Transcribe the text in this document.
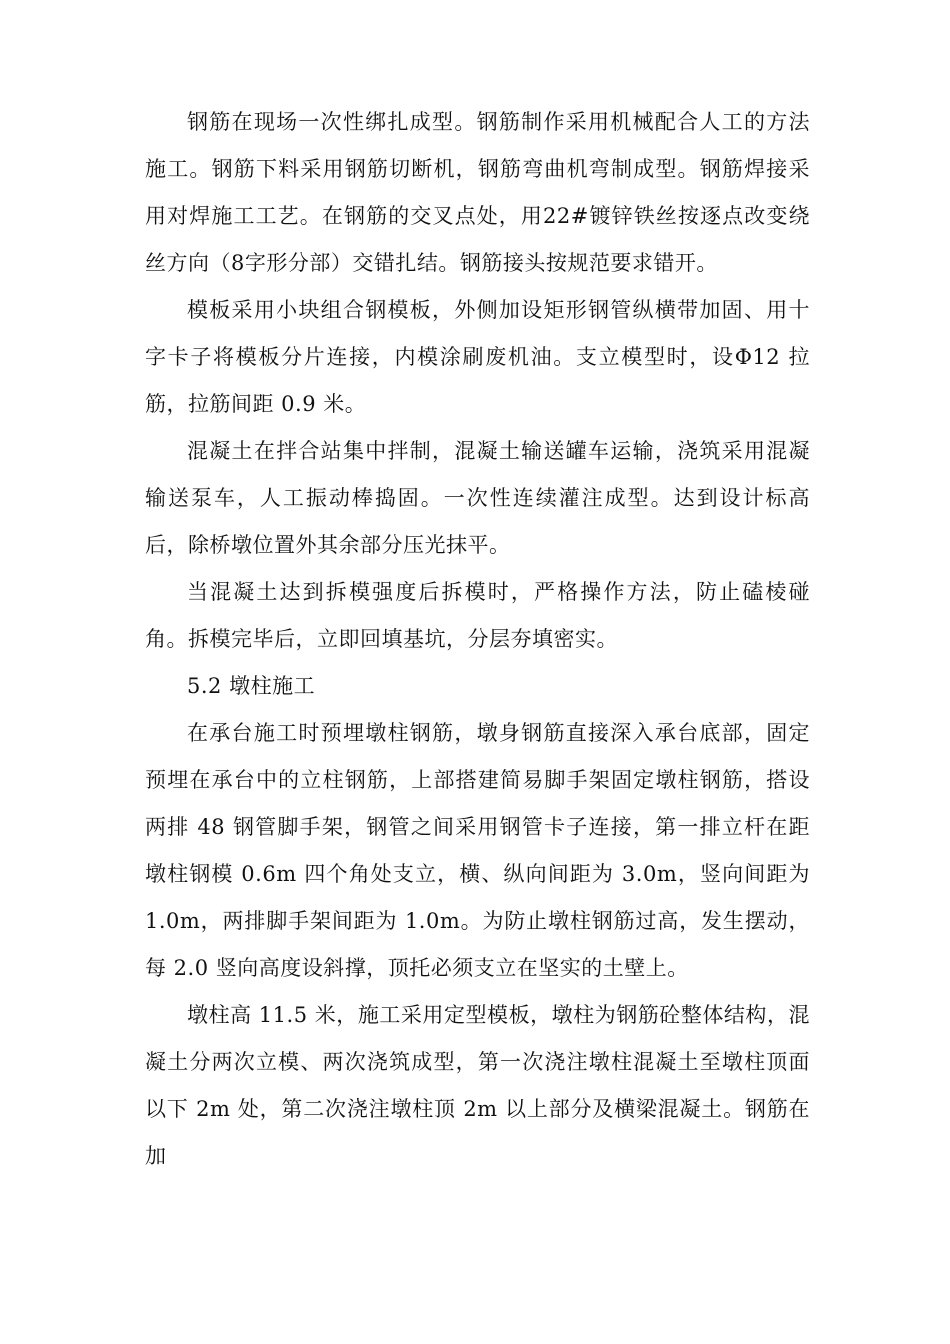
钢筋在现场一次性绑扎成型。钢筋制作采用机械配合人工的方法施工。钢筋下料采用钢筋切断机，钢筋弯曲机弯制成型。钢筋焊接采用对焊施工工艺。在钢筋的交叉点处，用22#镀锌铁丝按逐点改变绕丝方向（8字形分部）交错扎结。钢筋接头按规范要求错开。

模板采用小块组合钢模板，外侧加设矩形钢管纵横带加固、用十字卡子将模板分片连接，内模涂刷废机油。支立模型时，设Φ12 拉筋，拉筋间距 0.9 米。

混凝土在拌合站集中拌制，混凝土输送罐车运输，浇筑采用混凝输送泵车，人工振动棒捣固。一次性连续灌注成型。达到设计标高后，除桥墩位置外其余部分压光抹平。

当混凝土达到拆模强度后拆模时，严格操作方法，防止磕棱碰角。拆模完毕后，立即回填基坑，分层夯填密实。

5.2 墩柱施工

在承台施工时预埋墩柱钢筋，墩身钢筋直接深入承台底部，固定预埋在承台中的立柱钢筋，上部搭建简易脚手架固定墩柱钢筋，搭设两排 48 钢管脚手架，钢管之间采用钢管卡子连接，第一排立杆在距墩柱钢模 0.6m 四个角处支立，横、纵向间距为 3.0m，竖向间距为 1.0m，两排脚手架间距为 1.0m。为防止墩柱钢筋过高，发生摆动，每 2.0 竖向高度设斜撑，顶托必须支立在坚实的土壁上。

墩柱高 11.5 米，施工采用定型模板，墩柱为钢筋砼整体结构，混凝土分两次立模、两次浇筑成型，第一次浇注墩柱混凝土至墩柱顶面以下 2m 处，第二次浇注墩柱顶 2m 以上部分及横梁混凝土。钢筋在加
